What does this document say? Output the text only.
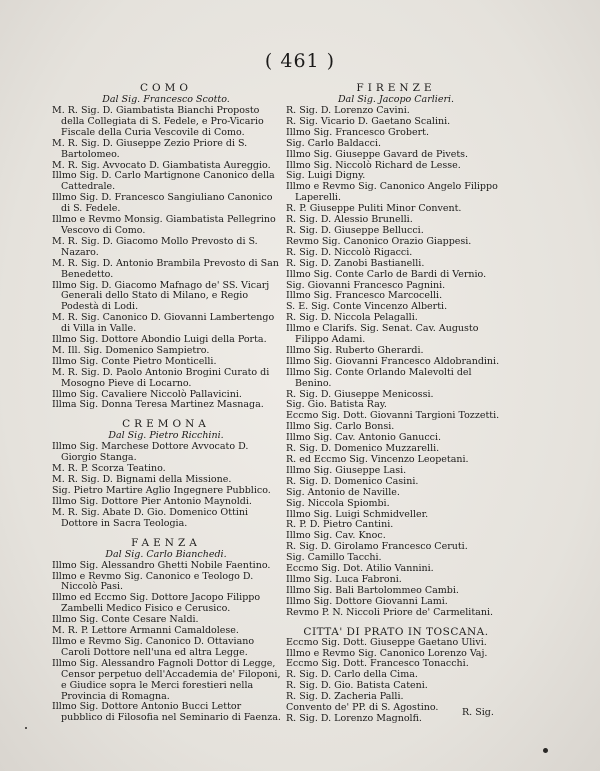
( 461 )
COMO
Dal Sig. Francesco Scotto.
M. R. Sig. D. Giambatista Bianchi Proposto della Collegiata di S. Fedele, e Pro-Vicario Fiscale della Curia Vescovile di Como.
M. R. Sig. D. Giuseppe Zezio Priore di S. Bartolomeo.
M. R. Sig. Avvocato D. Giambatista Aureggio.
Illmo Sig. D. Carlo Martignone Canonico della Cattedrale.
Illmo Sig. D. Francesco Sangiuliano Canonico di S. Fedele.
Illmo e Revmo Monsig. Giambatista Pellegrino Vescovo di Como.
M. R. Sig. D. Giacomo Mollo Prevosto di S. Nazaro.
M. R. Sig. D. Antonio Brambila Prevosto di San Benedetto.
Illmo Sig. D. Giacomo Mafnago de' SS. Vicarj Generali dello Stato di Milano, e Regio Podestà di Lodi.
M. R. Sig. Canonico D. Giovanni Lambertengo di Villa in Valle.
Illmo Sig. Dottore Abondio Luigi della Porta.
M. Ill. Sig. Domenico Sampietro.
Illmo Sig. Conte Pietro Monticelli.
M. R. Sig. D. Paolo Antonio Brogini Curato di Mosogno Pieve di Locarno.
Illmo Sig. Cavaliere Niccolò Pallavicini.
Illma Sig. Donna Teresa Martinez Masnaga.
CREMONA
Dal Sig. Pietro Ricchini.
Illmo Sig. Marchese Dottore Avvocato D. Giorgio Stanga.
M. R. P. Scorza Teatino.
M. R. Sig. D. Bignami della Missione.
Sig. Pietro Martire Aglio Ingegnere Pubblico.
Illmo Sig. Dottore Pier Antonio Maynoldi.
M. R. Sig. Abate D. Gio. Domenico Ottini Dottore in Sacra Teologia.
FAENZA
Dal Sig. Carlo Bianchedi.
Illmo Sig. Alessandro Ghetti Nobile Faentino.
Illmo e Revmo Sig. Canonico e Teologo D. Niccolò Pasi.
Illmo ed Eccmo Sig. Dottore Jacopo Filippo Zambelli Medico Fisico e Cerusico.
Illmo Sig. Conte Cesare Naldi.
M. R. P. Lettore Armanni Camaldolese.
Illmo e Revmo Sig. Canonico D. Ottaviano Caroli Dottore nell'una ed altra Legge.
Illmo Sig. Alessandro Fagnoli Dottor di Legge, Censor perpetuo dell'Accademia de' Filoponi, e Giudice sopra le Merci forestieri nella Provincia di Romagna.
Illmo Sig. Dottore Antonio Bucci Lettor pubblico di Filosofia nel Seminario di Faenza.
FIRENZE
Dal Sig. Jacopo Carlieri.
R. Sig. D. Lorenzo Cavini.
R. Sig. Vicario D. Gaetano Scalini.
Illmo Sig. Francesco Grobert.
Sig. Carlo Baldacci.
Illmo Sig. Giuseppe Gavard de Pivets.
Illmo Sig. Niccolò Richard de Lesse.
Sig. Luigi Digny.
Illmo e Revmo Sig. Canonico Angelo Filippo Laperelli.
R. P. Giuseppe Puliti Minor Convent.
R. Sig. D. Alessio Brunelli.
R. Sig. D. Giuseppe Bellucci.
Revmo Sig. Canonico Orazio Giappesi.
R. Sig. D. Niccolò Rigacci.
R. Sig. D. Zanobi Bastianelli.
Illmo Sig. Conte Carlo de Bardi di Vernio.
Sig. Giovanni Francesco Pagnini.
Illmo Sig. Francesco Marcocelli.
S. E. Sig. Conte Vincenzo Alberti.
R. Sig. D. Niccola Pelagalli.
Illmo e Clarifs. Sig. Senat. Cav. Augusto Filippo Adami.
Illmo Sig. Ruberto Gherardi.
Illmo Sig. Giovanni Francesco Aldobrandini.
Illmo Sig. Conte Orlando Malevolti del Benino.
R. Sig. D. Giuseppe Menicossi.
Sig. Gio. Batista Ray.
Eccmo Sig. Dott. Giovanni Targioni Tozzetti.
Illmo Sig. Carlo Bonsi.
Illmo Sig. Cav. Antonio Ganucci.
R. Sig. D. Domenico Muzzarelli.
R. ed Eccmo Sig. Vincenzo Leopetani.
Illmo Sig. Giuseppe Lasi.
R. Sig. D. Domenico Casini.
Sig. Antonio de Naville.
Sig. Niccola Spiombi.
Illmo Sig. Luigi Schmidveller.
R. P. D. Pietro Cantini.
Illmo Sig. Cav. Knoc.
R. Sig. D. Girolamo Francesco Ceruti.
Sig. Camillo Tacchi.
Eccmo Sig. Dot. Atilio Vannini.
Illmo Sig. Luca Fabroni.
Illmo Sig. Bali Bartolommeo Cambi.
Illmo Sig. Dottore Giovanni Lami.
Revmo P. N. Niccoli Priore de' Carmelitani.
CITTA' DI PRATO IN TOSCANA.
Eccmo Sig. Dott. Giuseppe Gaetano Ulivi.
Illmo e Revmo Sig. Canonico Lorenzo Vaj.
Eccmo Sig. Dott. Francesco Tonacchi.
R. Sig. D. Carlo della Cima.
R. Sig. D. Gio. Batista Cateni.
R. Sig. D. Zacheria Palli.
Convento de' PP. di S. Agostino.
R. Sig. D. Lorenzo Magnolfi.
R. Sig.
